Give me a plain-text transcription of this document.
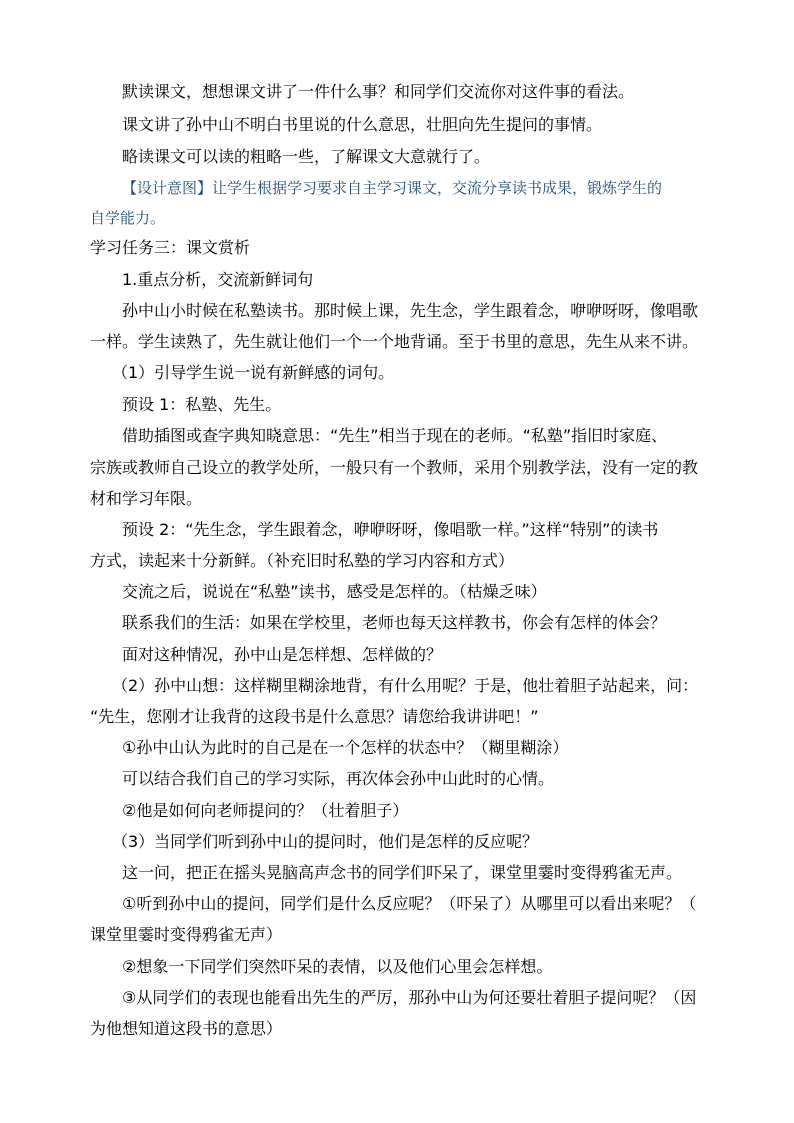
默读课文，想想课文讲了一件什么事？和同学们交流你对这件事的看法。
课文讲了孙中山不明白书里说的什么意思，壮胆向先生提问的事情。
略读课文可以读的粗略一些，了解课文大意就行了。
【设计意图】让学生根据学习要求自主学习课文，交流分享读书成果，锻炼学生的
自学能力。
学习任务三：课文赏析
1.重点分析，交流新鲜词句
孙中山小时候在私塾读书。那时候上课，先生念，学生跟着念，咿咿呀呀，像唱歌
一样。学生读熟了，先生就让他们一个一个地背诵。至于书里的意思，先生从来不讲。
（1）引导学生说一说有新鲜感的词句。
预设 1：私塾、先生。
借助插图或查字典知晓意思：“先生”相当于现在的老师。“私塾”指旧时家庭、
宗族或教师自己设立的教学处所，一般只有一个教师，采用个别教学法，没有一定的教
材和学习年限。
预设 2：“先生念，学生跟着念，咿咿呀呀，像唱歌一样。”这样“特别”的读书
方式，读起来十分新鲜。（补充旧时私塾的学习内容和方式）
交流之后，说说在“私塾”读书，感受是怎样的。（枯燥乏味）
联系我们的生活：如果在学校里，老师也每天这样教书，你会有怎样的体会？
面对这种情况，孙中山是怎样想、怎样做的？
（2）孙中山想：这样糊里糊涂地背，有什么用呢？于是，他壮着胆子站起来，问：
“先生，您刚才让我背的这段书是什么意思？请您给我讲讲吧！”
①孙中山认为此时的自己是在一个怎样的状态中？（糊里糊涂）
可以结合我们自己的学习实际，再次体会孙中山此时的心情。
②他是如何向老师提问的？（壮着胆子）
（3）当同学们听到孙中山的提问时，他们是怎样的反应呢？
这一问，把正在摇头晃脑高声念书的同学们吓呆了，课堂里霎时变得鸦雀无声。
①听到孙中山的提问，同学们是什么反应呢？（吓呆了）从哪里可以看出来呢？（
课堂里霎时变得鸦雀无声）
②想象一下同学们突然吓呆的表情，以及他们心里会怎样想。
③从同学们的表现也能看出先生的严厉，那孙中山为何还要壮着胆子提问呢？（因
为他想知道这段书的意思）
